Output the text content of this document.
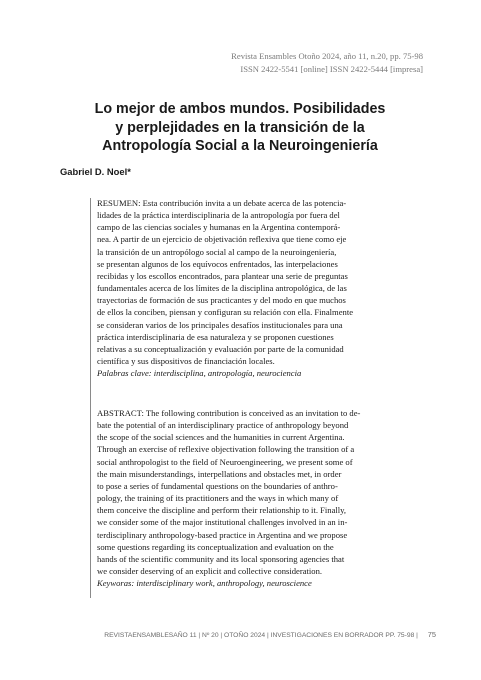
Revista Ensambles Otoño 2024, año 11, n.20, pp. 75-98
ISSN 2422-5541 [online] ISSN 2422-5444 [impresa]
Lo mejor de ambos mundos. Posibilidades
y perplejidades en la transición de la
Antropología Social a la Neuroingeniería
Gabriel D. Noel*
RESUMEN: Esta contribución invita a un debate acerca de las potencia-
lidades de la práctica interdisciplinaria de la antropología por fuera del
campo de las ciencias sociales y humanas en la Argentina contemporá-
nea. A partir de un ejercicio de objetivación reflexiva que tiene como eje
la transición de un antropólogo social al campo de la neuroingeniería,
se presentan algunos de los equívocos enfrentados, las interpelaciones
recibidas y los escollos encontrados, para plantear una serie de preguntas
fundamentales acerca de los límites de la disciplina antropológica, de las
trayectorias de formación de sus practicantes y del modo en que muchos
de ellos la conciben, piensan y configuran su relación con ella. Finalmente
se consideran varios de los principales desafíos institucionales para una
práctica interdisciplinaria de esa naturaleza y se proponen cuestiones
relativas a su conceptualización y evaluación por parte de la comunidad
científica y sus dispositivos de financiación locales.
Palabras clave: interdisciplina, antropología, neurociencia
ABSTRACT: The following contribution is conceived as an invitation to de-
bate the potential of an interdisciplinary practice of anthropology beyond
the scope of the social sciences and the humanities in current Argentina.
Through an exercise of reflexive objectivation following the transition of a
social anthropologist to the field of Neuroengineering, we present some of
the main misunderstandings, interpellations and obstacles met, in order
to pose a series of fundamental questions on the boundaries of anthro-
pology, the training of its practitioners and the ways in which many of
them conceive the discipline and perform their relationship to it. Finally,
we consider some of the major institutional challenges involved in an in-
terdisciplinary anthropology-based practice in Argentina and we propose
some questions regarding its conceptualization and evaluation on the
hands of the scientific community and its local sponsoring agencies that
we consider deserving of an explicit and collective consideration.
Keyworas: interdisciplinary work, anthropology, neuroscience
REVISTAENSAMBLESAÑO 11 | Nº 20 | OTOÑO 2024 | INVESTIGACIONES EN BORRADOR PP. 75-98 | 75
